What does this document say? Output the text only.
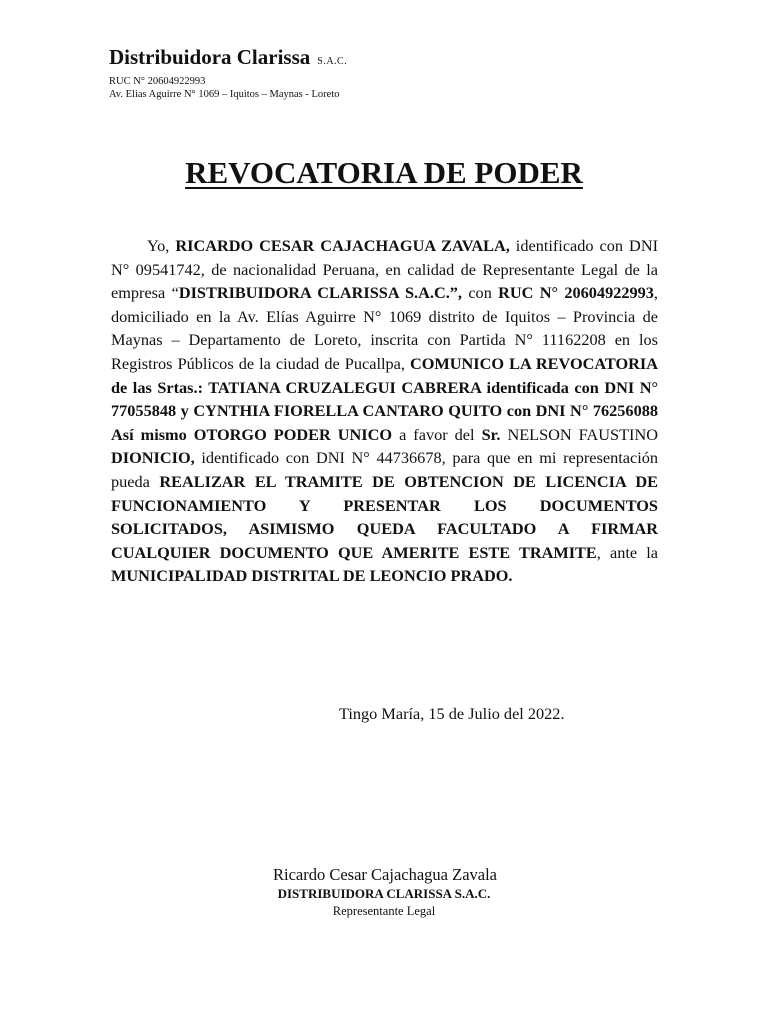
Distribuidora Clarissa S.A.C.
RUC N° 20604922993
Av. Elias Aguirre N° 1069 – Iquitos – Maynas - Loreto
REVOCATORIA DE PODER

Yo, RICARDO CESAR CAJACHAGUA ZAVALA, identificado con DNI N° 09541742, de nacionalidad Peruana, en calidad de Representante Legal de la empresa “DISTRIBUIDORA CLARISSA S.A.C.”, con RUC N° 20604922993, domiciliado en la Av. Elías Aguirre N° 1069 distrito de Iquitos – Provincia de Maynas – Departamento de Loreto, inscrita con Partida N° 11162208 en los Registros Públicos de la ciudad de Pucallpa, COMUNICO LA REVOCATORIA de las Srtas.: TATIANA CRUZALEGUI CABRERA identificada con DNI N° 77055848 y CYNTHIA FIORELLA CANTARO QUITO con DNI N° 76256088 Así mismo OTORGO PODER UNICO a favor del Sr. NELSON FAUSTINO DIONICIO, identificado con DNI N° 44736678, para que en mi representación pueda REALIZAR EL TRAMITE DE OBTENCION DE LICENCIA DE FUNCIONAMIENTO Y PRESENTAR LOS DOCUMENTOS SOLICITADOS, ASIMISMO QUEDA FACULTADO A FIRMAR CUALQUIER DOCUMENTO QUE AMERITE ESTE TRAMITE, ante la MUNICIPALIDAD DISTRITAL DE LEONCIO PRADO.

Tingo María, 15 de Julio del 2022.
Ricardo Cesar Cajachagua Zavala
DISTRIBUIDORA CLARISSA S.A.C.
Representante Legal
